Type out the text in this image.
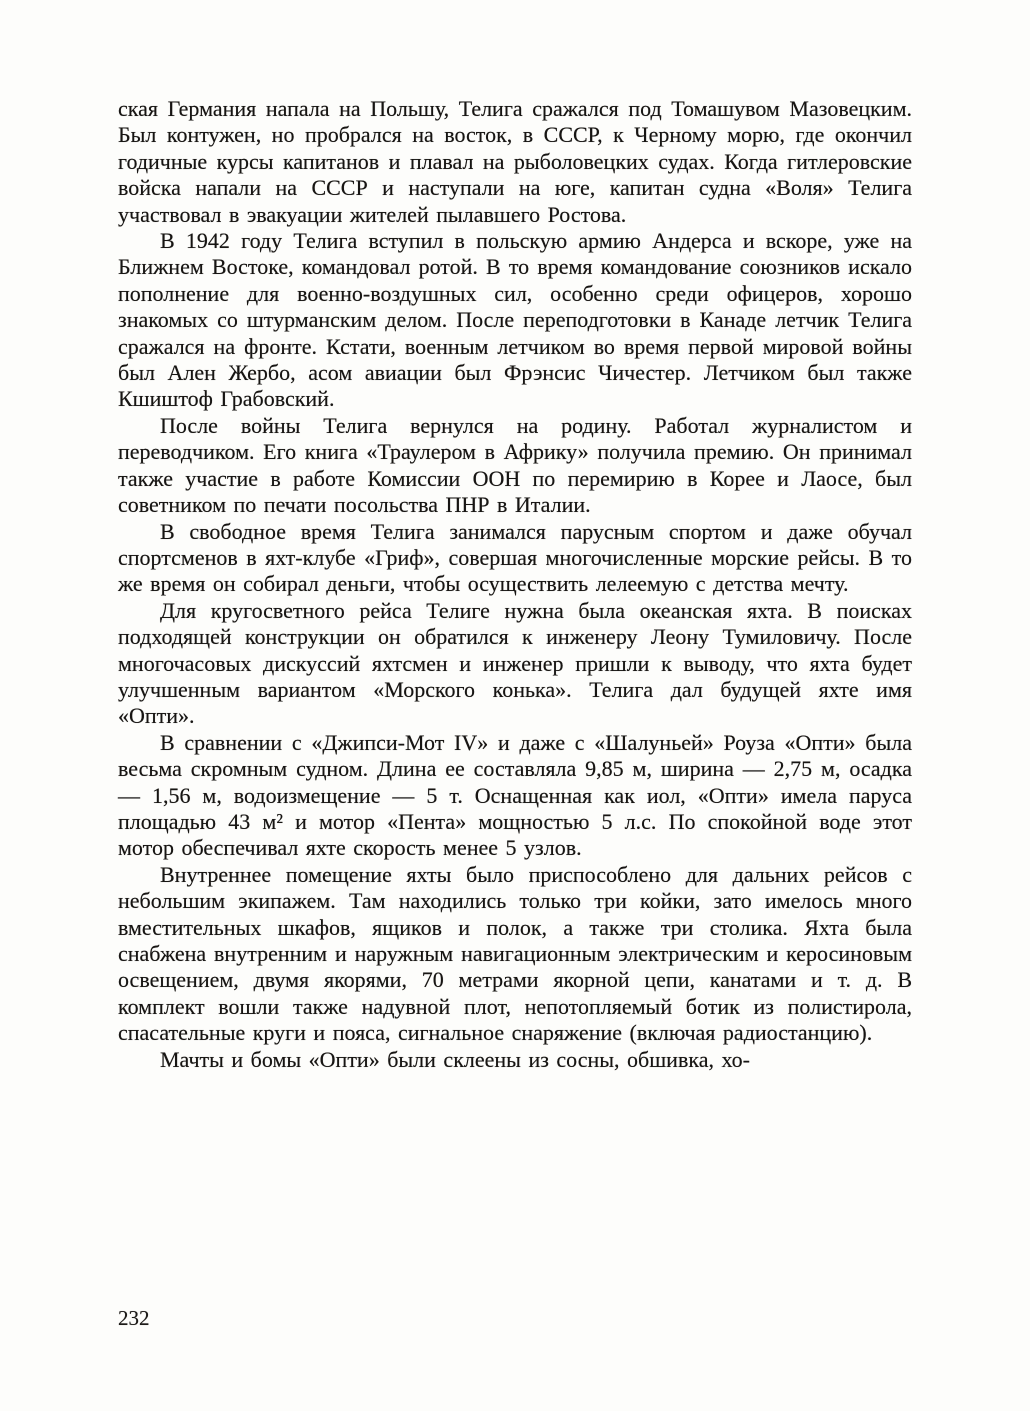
ская Германия напала на Польшу, Телига сражался под Томашувом Мазовецким. Был контужен, но пробрался на восток, в СССР, к Черному морю, где окончил годичные курсы капитанов и плавал на рыболовецких судах. Когда гитлеровские войска напали на СССР и наступали на юге, капитан судна «Воля» Телига участвовал в эвакуации жителей пылавшего Ростова.

В 1942 году Телига вступил в польскую армию Андерса и вскоре, уже на Ближнем Востоке, командовал ротой. В то время командование союзников искало пополнение для военно-воздушных сил, особенно среди офицеров, хорошо знакомых со штурманским делом. После переподготовки в Канаде летчик Телига сражался на фронте. Кстати, военным летчиком во время первой мировой войны был Ален Жербо, асом авиации был Фрэнсис Чичестер. Летчиком был также Кшиштоф Грабовский.

После войны Телига вернулся на родину. Работал журналистом и переводчиком. Его книга «Траулером в Африку» получила премию. Он принимал также участие в работе Комиссии ООН по перемирию в Корее и Лаосе, был советником по печати посольства ПНР в Италии.

В свободное время Телига занимался парусным спортом и даже обучал спортсменов в яхт-клубе «Гриф», совершая многочисленные морские рейсы. В то же время он собирал деньги, чтобы осуществить лелеемую с детства мечту.

Для кругосветного рейса Телиге нужна была океанская яхта. В поисках подходящей конструкции он обратился к инженеру Леону Тумиловичу. После многочасовых дискуссий яхтсмен и инженер пришли к выводу, что яхта будет улучшенным вариантом «Морского конька». Телига дал будущей яхте имя «Опти».

В сравнении с «Джипси-Мот IV» и даже с «Шалуньей» Роуза «Опти» была весьма скромным судном. Длина ее составляла 9,85 м, ширина — 2,75 м, осадка — 1,56 м, водоизмещение — 5 т. Оснащенная как иол, «Опти» имела паруса площадью 43 м² и мотор «Пента» мощностью 5 л.с. По спокойной воде этот мотор обеспечивал яхте скорость менее 5 узлов.

Внутреннее помещение яхты было приспособлено для дальних рейсов с небольшим экипажем. Там находились только три койки, зато имелось много вместительных шкафов, ящиков и полок, а также три столика. Яхта была снабжена внутренним и наружным навигационным электрическим и керосиновым освещением, двумя якорями, 70 метрами якорной цепи, канатами и т. д. В комплект вошли также надувной плот, непотопляемый ботик из полистирола, спасательные круги и пояса, сигнальное снаряжение (включая радиостанцию).

Мачты и бомы «Опти» были склеены из сосны, обшивка, хо-

232
